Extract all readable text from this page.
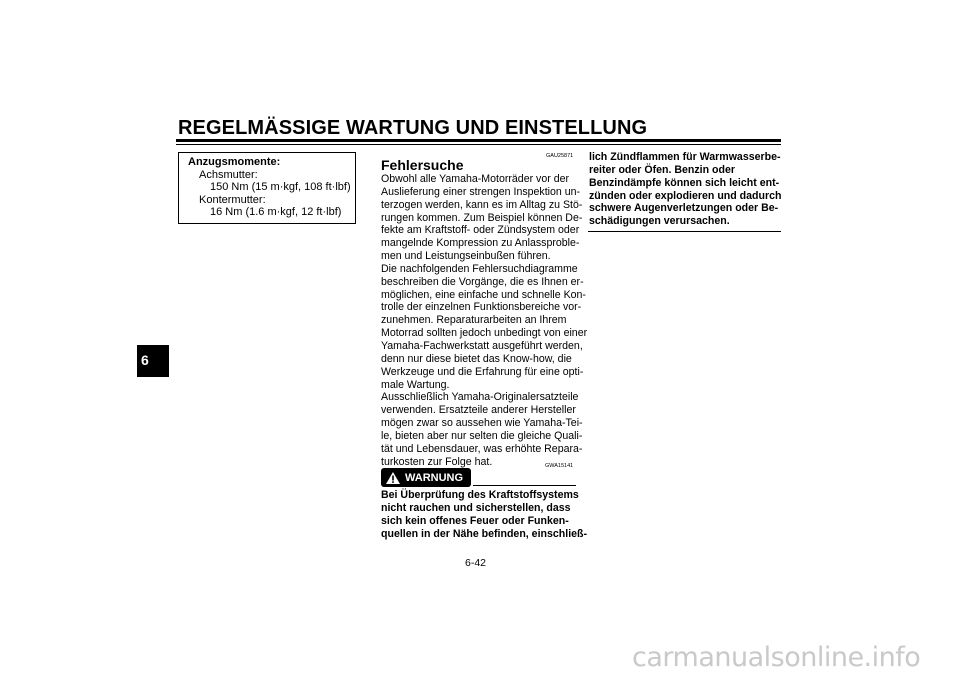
REGELMÄSSIGE WARTUNG UND EINSTELLUNG
6
Anzugsmomente:
Achsmutter:
150 Nm (15 m·kgf, 108 ft·lbf)
Kontermutter:
16 Nm (1.6 m·kgf, 12 ft·lbf)
GAU25871
Fehlersuche
Obwohl alle Yamaha-Motorräder vor der
Auslieferung einer strengen Inspektion un-
terzogen werden, kann es im Alltag zu Stö-
rungen kommen. Zum Beispiel können De-
fekte am Kraftstoff- oder Zündsystem oder
mangelnde Kompression zu Anlassproble-
men und Leistungseinbußen führen.
Die nachfolgenden Fehlersuchdiagramme
beschreiben die Vorgänge, die es Ihnen er-
möglichen, eine einfache und schnelle Kon-
trolle der einzelnen Funktionsbereiche vor-
zunehmen. Reparaturarbeiten an Ihrem
Motorrad sollten jedoch unbedingt von einer
Yamaha-Fachwerkstatt ausgeführt werden,
denn nur diese bietet das Know-how, die
Werkzeuge und die Erfahrung für eine opti-
male Wartung.
Ausschließlich Yamaha-Originalersatzteile
verwenden. Ersatzteile anderer Hersteller
mögen zwar so aussehen wie Yamaha-Tei-
le, bieten aber nur selten die gleiche Quali-
tät und Lebensdauer, was erhöhte Repara-
turkosten zur Folge hat.	GWA15141
WARNUNG
Bei Überprüfung des Kraftstoffsystems
nicht rauchen und sicherstellen, dass
sich kein offenes Feuer oder Funken-
quellen in der Nähe befinden, einschließ-
lich Zündflammen für Warmwasserbe-
reiter oder Öfen. Benzin oder
Benzindämpfe können sich leicht ent-
zünden oder explodieren und dadurch
schwere Augenverletzungen oder Be-
schädigungen verursachen.
6-42
carmanualsonline.info
